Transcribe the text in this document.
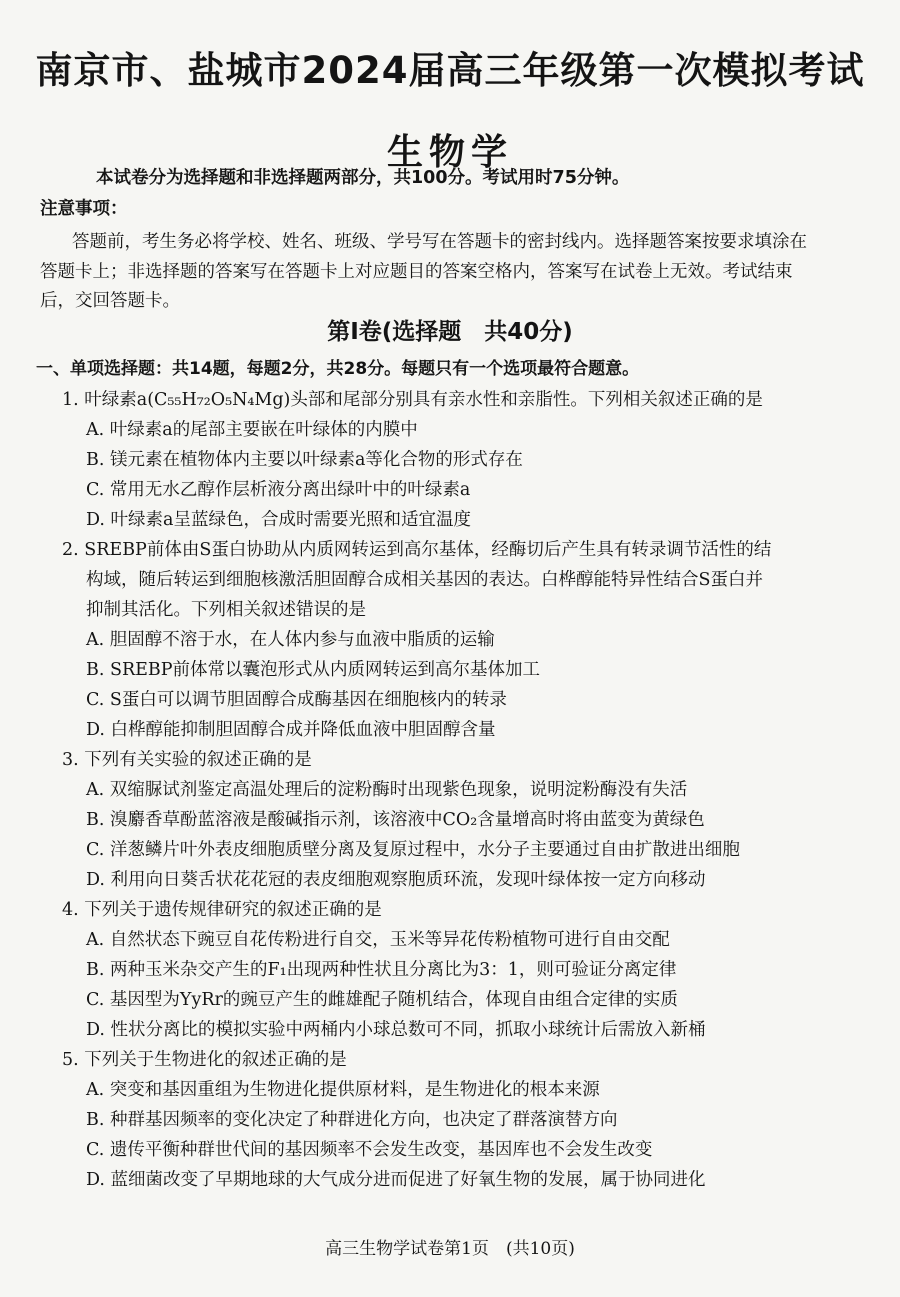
南京市、盐城市2024届高三年级第一次模拟考试
生物学
本试卷分为选择题和非选择题两部分，共100分。考试用时75分钟。
注意事项：
答题前，考生务必将学校、姓名、班级、学号写在答题卡的密封线内。选择题答案按要求填涂在
答题卡上；非选择题的答案写在答题卡上对应题目的答案空格内，答案写在试卷上无效。考试结束
后，交回答题卡。
第Ⅰ卷(选择题　共40分)
一、单项选择题：共14题，每题2分，共28分。每题只有一个选项最符合题意。
1. 叶绿素a(C₅₅H₇₂O₅N₄Mg)头部和尾部分别具有亲水性和亲脂性。下列相关叙述正确的是
A. 叶绿素a的尾部主要嵌在叶绿体的内膜中
B. 镁元素在植物体内主要以叶绿素a等化合物的形式存在
C. 常用无水乙醇作层析液分离出绿叶中的叶绿素a
D. 叶绿素a呈蓝绿色，合成时需要光照和适宜温度
2. SREBP前体由S蛋白协助从内质网转运到高尔基体，经酶切后产生具有转录调节活性的结
构域，随后转运到细胞核激活胆固醇合成相关基因的表达。白桦醇能特异性结合S蛋白并
抑制其活化。下列相关叙述错误的是
A. 胆固醇不溶于水，在人体内参与血液中脂质的运输
B. SREBP前体常以囊泡形式从内质网转运到高尔基体加工
C. S蛋白可以调节胆固醇合成酶基因在细胞核内的转录
D. 白桦醇能抑制胆固醇合成并降低血液中胆固醇含量
3. 下列有关实验的叙述正确的是
A. 双缩脲试剂鉴定高温处理后的淀粉酶时出现紫色现象，说明淀粉酶没有失活
B. 溴麝香草酚蓝溶液是酸碱指示剂，该溶液中CO₂含量增高时将由蓝变为黄绿色
C. 洋葱鳞片叶外表皮细胞质壁分离及复原过程中，水分子主要通过自由扩散进出细胞
D. 利用向日葵舌状花花冠的表皮细胞观察胞质环流，发现叶绿体按一定方向移动
4. 下列关于遗传规律研究的叙述正确的是
A. 自然状态下豌豆自花传粉进行自交，玉米等异花传粉植物可进行自由交配
B. 两种玉米杂交产生的F₁出现两种性状且分离比为3：1，则可验证分离定律
C. 基因型为YyRr的豌豆产生的雌雄配子随机结合，体现自由组合定律的实质
D. 性状分离比的模拟实验中两桶内小球总数可不同，抓取小球统计后需放入新桶
5. 下列关于生物进化的叙述正确的是
A. 突变和基因重组为生物进化提供原材料，是生物进化的根本来源
B. 种群基因频率的变化决定了种群进化方向，也决定了群落演替方向
C. 遗传平衡种群世代间的基因频率不会发生改变，基因库也不会发生改变
D. 蓝细菌改变了早期地球的大气成分进而促进了好氧生物的发展，属于协同进化
高三生物学试卷第1页　(共10页)
